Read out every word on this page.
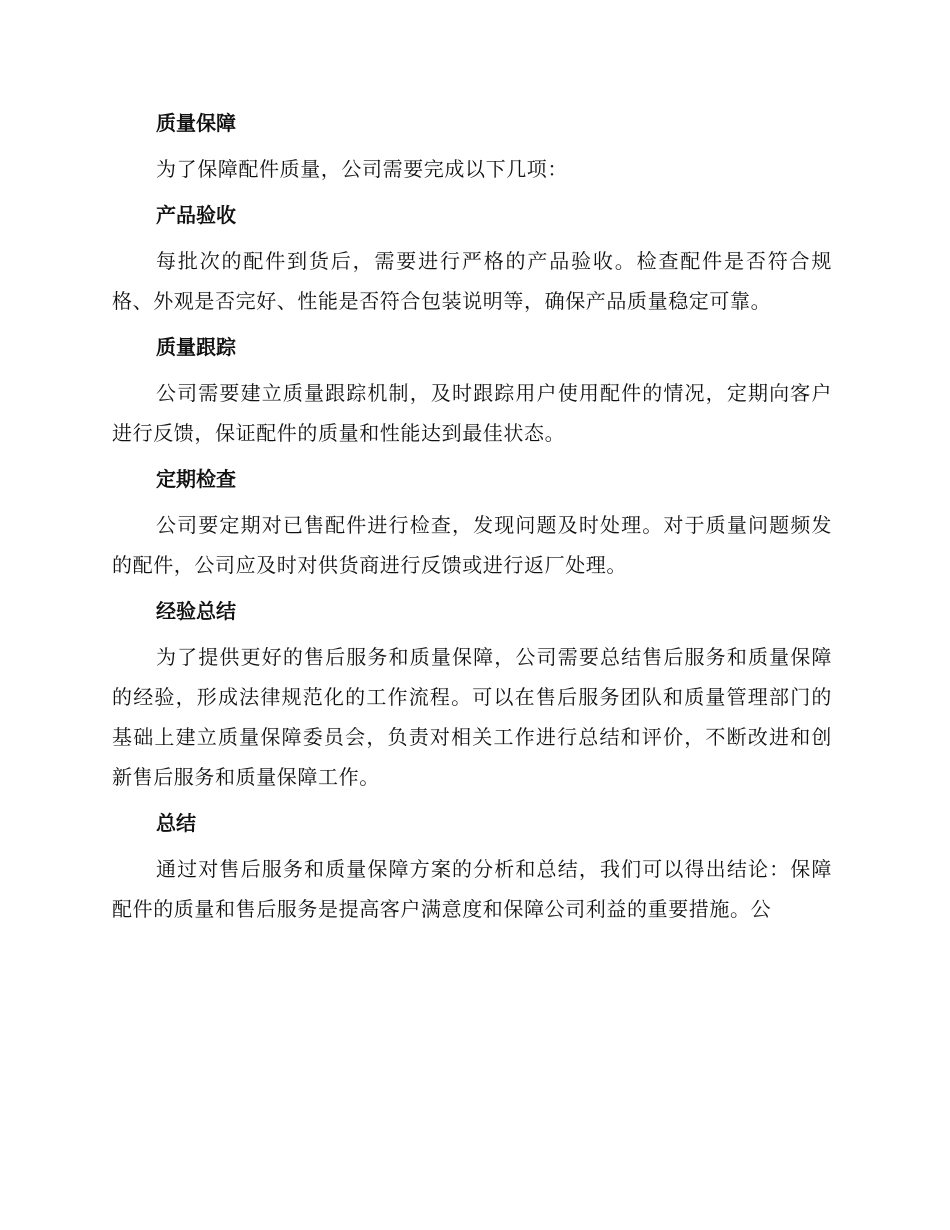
质量保障

为了保障配件质量，公司需要完成以下几项：

产品验收

每批次的配件到货后，需要进行严格的产品验收。检查配件是否符合规格、外观是否完好、性能是否符合包装说明等，确保产品质量稳定可靠。

质量跟踪

公司需要建立质量跟踪机制，及时跟踪用户使用配件的情况，定期向客户进行反馈，保证配件的质量和性能达到最佳状态。

定期检查

公司要定期对已售配件进行检查，发现问题及时处理。对于质量问题频发的配件，公司应及时对供货商进行反馈或进行返厂处理。

经验总结

为了提供更好的售后服务和质量保障，公司需要总结售后服务和质量保障的经验，形成法律规范化的工作流程。可以在售后服务团队和质量管理部门的基础上建立质量保障委员会，负责对相关工作进行总结和评价，不断改进和创新售后服务和质量保障工作。

总结

通过对售后服务和质量保障方案的分析和总结，我们可以得出结论：保障配件的质量和售后服务是提高客户满意度和保障公司利益的重要措施。公
